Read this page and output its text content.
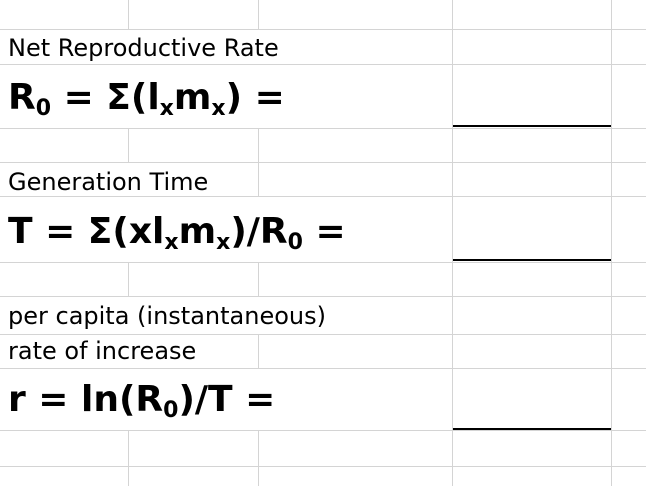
Net Reproductive Rate
$R_0 = \Sigma(l_xm_x)$ =
Generation Time
$T = \Sigma(xl_xm_x)/R_0$ =
per capita (instantaneous)
rate of increase
$r = \ln(R_0)/T$ =
